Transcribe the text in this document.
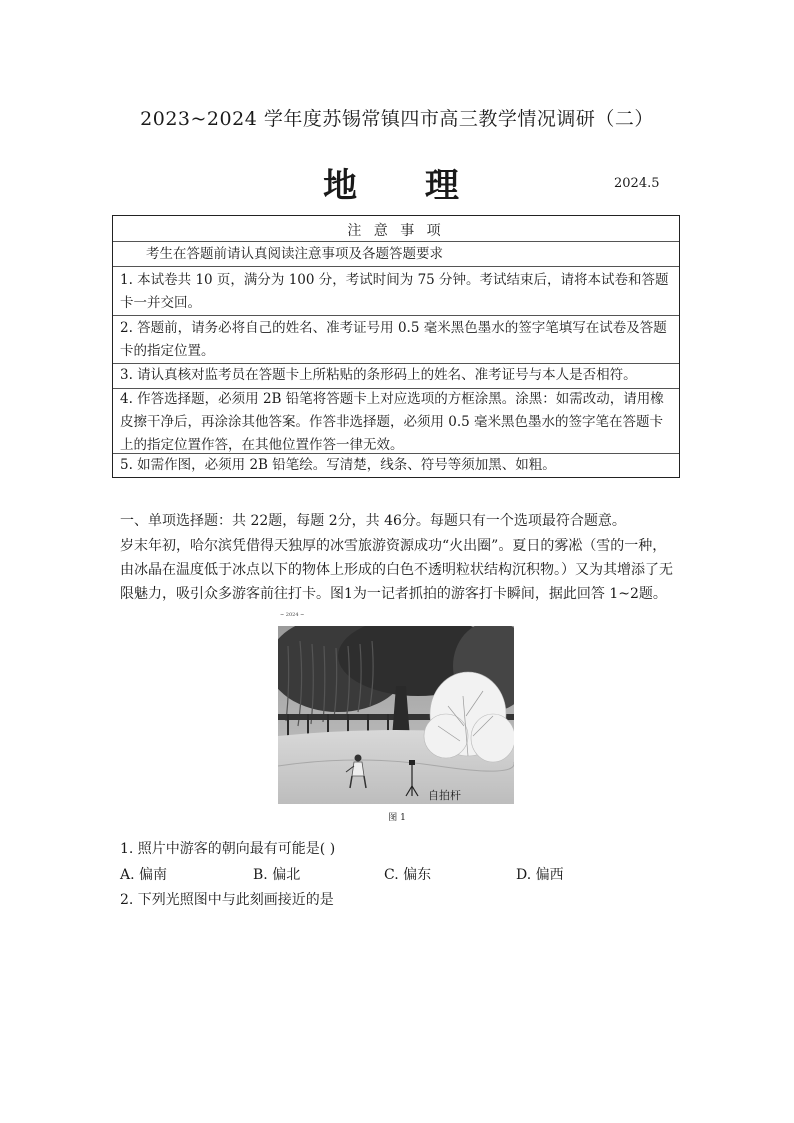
2023~2024 学年度苏锡常镇四市高三教学情况调研（二）
地 理	2024.5
注 意 事 项
考生在答题前请认真阅读注意事项及各题答题要求
1. 本试卷共 10 页，满分为 100 分，考试时间为 75 分钟。考试结束后，请将本试卷和答题卡一并交回。
2. 答题前，请务必将自己的姓名、准考证号用 0.5 毫米黑色墨水的签字笔填写在试卷及答题卡的指定位置。
3. 请认真核对监考员在答题卡上所粘贴的条形码上的姓名、准考证号与本人是否相符。
4. 作答选择题，必须用 2B 铅笔将答题卡上对应选项的方框涂黑。涂黑：如需改动，请用橡皮擦干净后，再涂涂其他答案。作答非选择题，必须用 0.5 毫米黑色墨水的签字笔在答题卡上的指定位置作答，在其他位置作答一律无效。
5. 如需作图，必须用 2B 铅笔绘。写清楚，线条、符号等须加黑、如粗。
一、单项选择题：共 22题，每题 2分，共 46分。每题只有一个选项最符合题意。
岁末年初，哈尔滨凭借得天独厚的冰雪旅游资源成功“火出圈”。夏日的雾凇（雪的一种，由冰晶在温度低于冰点以下的物体上形成的白色不透明粒状结构沉积物。）又为其增添了无限魅力，吸引众多游客前往打卡。图1为一记者抓拍的游客打卡瞬间，据此回答 1~2题。
~ 2024 ~
自拍杆
图 1
1. 照片中游客的朝向最有可能是( )
A. 偏南	B. 偏北	C. 偏东	D. 偏西
2. 下列光照图中与此刻画接近的是
